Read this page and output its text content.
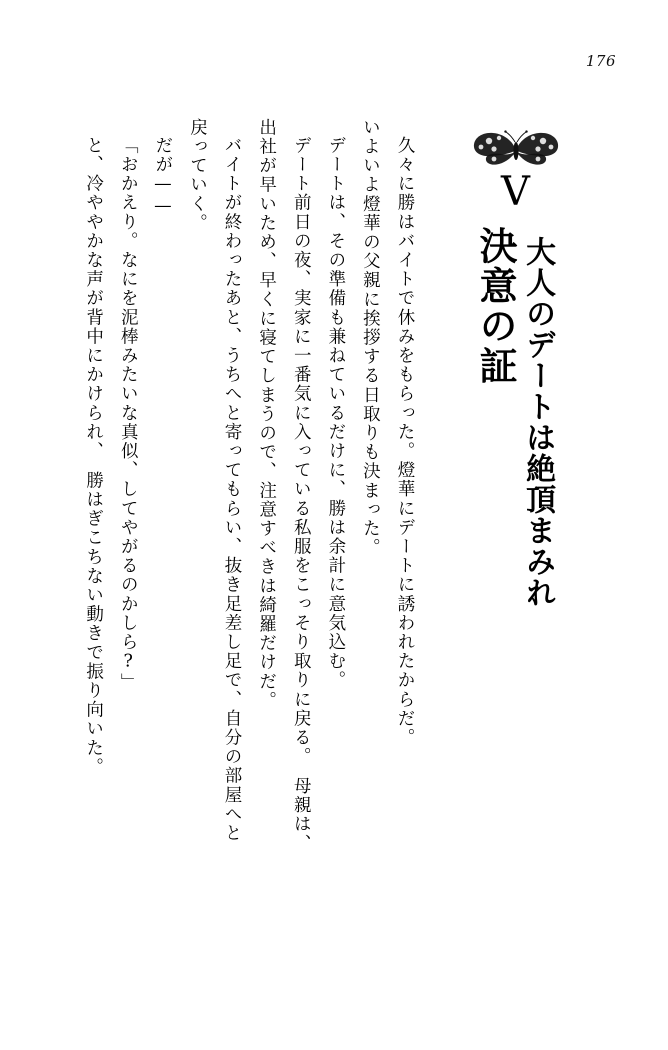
176
V
決意の証 大人のデートは絶頂まみれ
久々に勝はバイトで休みをもらった。燈華にデートに誘われたからだ。
いよいよ燈華の父親に挨拶する日取りも決まった。
デートは、その準備も兼ねているだけに、勝は余計に意気込む。
デート前日の夜、実家に一番気に入っている私服をこっそり取りに戻る。　母親は、
出社が早いため、早くに寝てしまうので、注意すべきは綺羅だけだ。
バイトが終わったあと、うちへと寄ってもらい、抜き足差し足で、自分の部屋へと
戻っていく。
だが——
「おかえり。なにを泥棒みたいな真似、してやがるのかしら?」
と、冷ややかな声が背中にかけられ、　勝はぎこちない動きで振り向いた。
